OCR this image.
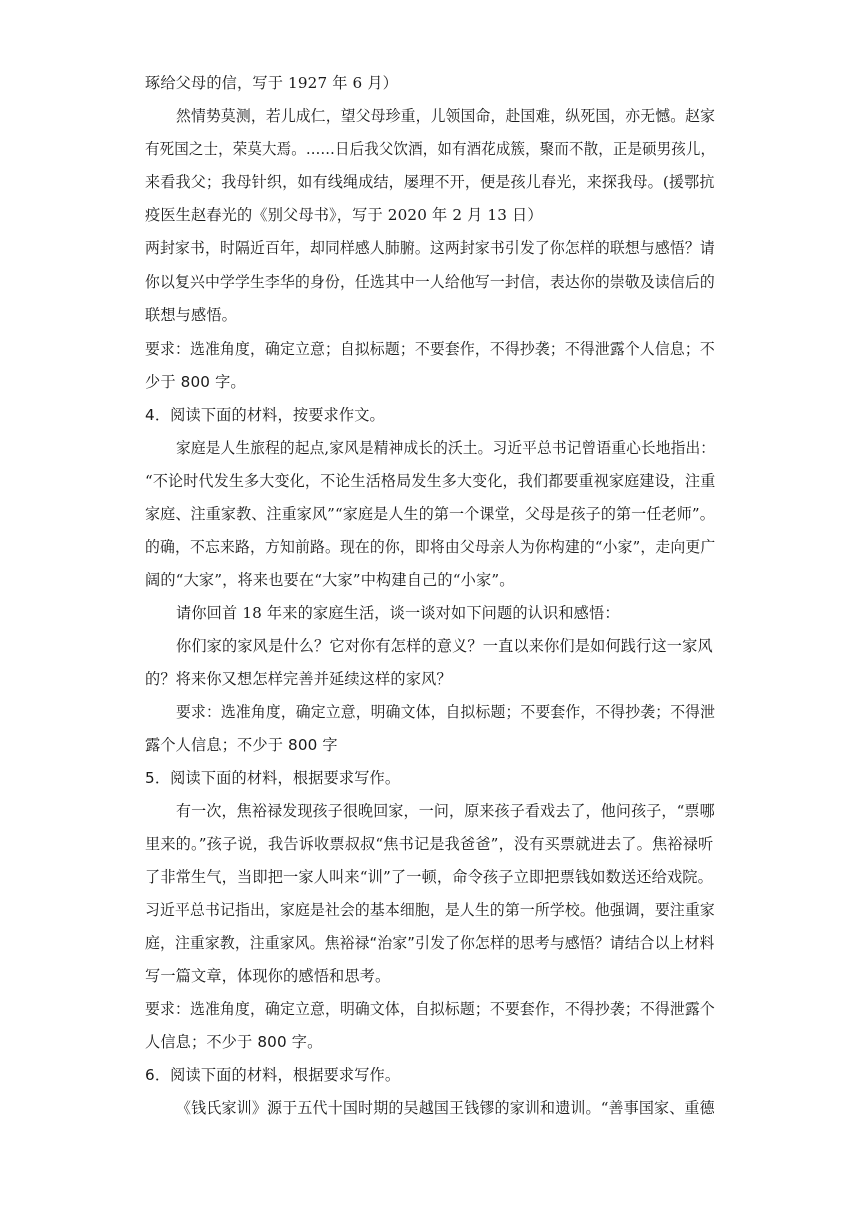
琢给父母的信，写于 1927 年 6 月）
然情势莫测，若儿成仁，望父母珍重，儿领国命，赴国难，纵死国，亦无憾。赵家
有死国之士，荣莫大焉。……日后我父饮酒，如有酒花成簇，聚而不散，正是硕男孩儿，
来看我父；我母针织，如有线绳成结，屡理不开，便是孩儿春光，来探我母。(援鄂抗
疫医生赵春光的《别父母书》，写于 2020 年 2 月 13 日）
两封家书，时隔近百年，却同样感人肺腑。这两封家书引发了你怎样的联想与感悟？请
你以复兴中学学生李华的身份，任选其中一人给他写一封信，表达你的崇敬及读信后的
联想与感悟。
要求：选准角度，确定立意；自拟标题；不要套作，不得抄袭；不得泄露个人信息；不
少于 800 字。
4．阅读下面的材料，按要求作文。
家庭是人生旅程的起点,家风是精神成长的沃土。习近平总书记曾语重心长地指出：
“不论时代发生多大变化，不论生活格局发生多大变化，我们都要重视家庭建设，注重
家庭、注重家教、注重家风”“家庭是人生的第一个课堂，父母是孩子的第一任老师”。
的确，不忘来路，方知前路。现在的你，即将由父母亲人为你构建的“小家”，走向更广
阔的“大家”，将来也要在“大家”中构建自己的“小家”。
请你回首 18 年来的家庭生活，谈一谈对如下问题的认识和感悟：
你们家的家风是什么？它对你有怎样的意义？一直以来你们是如何践行这一家风
的？将来你又想怎样完善并延续这样的家风？
要求：选准角度，确定立意，明确文体，自拟标题；不要套作，不得抄袭；不得泄
露个人信息；不少于 800 字
5．阅读下面的材料，根据要求写作。
有一次，焦裕禄发现孩子很晚回家，一问，原来孩子看戏去了，他问孩子，“票哪
里来的。”孩子说，我告诉收票叔叔“焦书记是我爸爸”，没有买票就进去了。焦裕禄听
了非常生气，当即把一家人叫来“训”了一顿，命令孩子立即把票钱如数送还给戏院。
习近平总书记指出，家庭是社会的基本细胞，是人生的第一所学校。他强调，要注重家
庭，注重家教，注重家风。焦裕禄“治家”引发了你怎样的思考与感悟？请结合以上材料
写一篇文章，体现你的感悟和思考。
要求：选准角度，确定立意，明确文体，自拟标题；不要套作，不得抄袭；不得泄露个
人信息；不少于 800 字。
6．阅读下面的材料，根据要求写作。
《钱氏家训》源于五代十国时期的吴越国王钱镠的家训和遗训。“善事国家、重德
